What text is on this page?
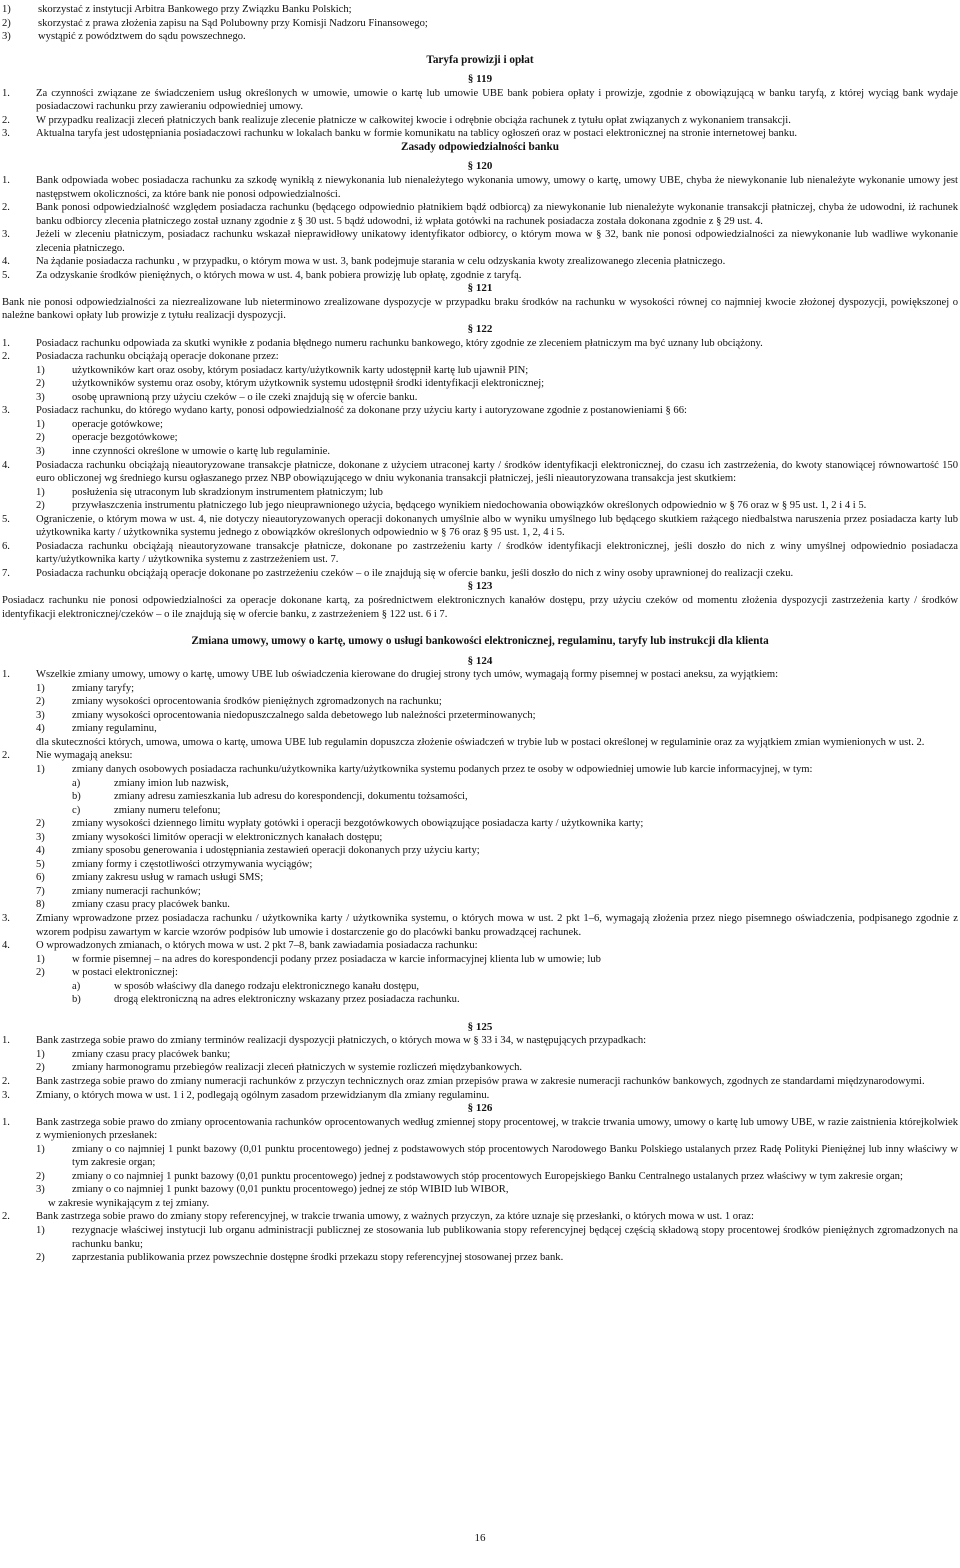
1)	skorzystać z instytucji Arbitra Bankowego przy Związku Banku Polskich;
2)	skorzystać z prawa złożenia zapisu na Sąd Polubowny przy Komisji Nadzoru Finansowego;
3)	wystąpić z powództwem do sądu powszechnego.
Taryfa prowizji i opłat
§ 119
1.	Za czynności związane ze świadczeniem usług określonych w umowie, umowie o kartę lub umowie UBE bank pobiera opłaty i prowizje, zgodnie z obowiązującą w banku taryfą, z której wyciąg bank wydaje posiadaczowi rachunku przy zawieraniu odpowiedniej umowy.
2.	W przypadku realizacji zleceń płatniczych bank realizuje zlecenie płatnicze w całkowitej kwocie i odrębnie obciąża rachunek z tytułu opłat związanych z wykonaniem transakcji.
3.	Aktualna taryfa jest udostępniania posiadaczowi rachunku w lokalach banku w formie komunikatu na tablicy ogłoszeń oraz w postaci elektronicznej na stronie internetowej banku.
Zasady odpowiedzialności banku
§ 120
1.	Bank odpowiada wobec posiadacza rachunku za szkodę wynikłą z niewykonania lub nienależytego wykonania umowy, umowy o kartę, umowy UBE, chyba że niewykonanie lub nienależyte wykonanie umowy jest następstwem okoliczności, za które bank nie ponosi odpowiedzialności.
2.	Bank ponosi odpowiedzialność względem posiadacza rachunku (będącego odpowiednio płatnikiem bądź odbiorcą) za niewykonanie lub nienależyte wykonanie transakcji płatniczej, chyba że udowodni, iż rachunek banku odbiorcy zlecenia płatniczego został uznany zgodnie z § 30 ust. 5 bądź udowodni, iż wpłata gotówki na rachunek posiadacza została dokonana zgodnie z § 29 ust. 4.
3.	Jeżeli w zleceniu płatniczym, posiadacz rachunku wskazał nieprawidłowy unikatowy identyfikator odbiorcy, o którym mowa w § 32, bank nie ponosi odpowiedzialności za niewykonanie lub wadliwe wykonanie zlecenia płatniczego.
4.	Na żądanie posiadacza rachunku , w przypadku, o którym mowa w ust. 3, bank podejmuje starania w celu odzyskania kwoty zrealizowanego zlecenia płatniczego.
5.	Za odzyskanie środków pieniężnych, o których mowa w ust. 4, bank pobiera prowizję lub opłatę, zgodnie z taryfą.
§ 121
Bank nie ponosi odpowiedzialności za niezrealizowane lub nieterminowo zrealizowane dyspozycje w przypadku braku środków na rachunku w wysokości równej co najmniej kwocie złożonej dyspozycji, powiększonej o należne bankowi opłaty lub prowizje z tytułu realizacji dyspozycji.
§ 122
1.	Posiadacz rachunku odpowiada za skutki wynikłe z podania błędnego numeru rachunku bankowego, który zgodnie ze zleceniem płatniczym ma być uznany lub obciążony.
2.	Posiadacza rachunku obciążają operacje dokonane przez:
1)	użytkowników kart oraz osoby, którym posiadacz karty/użytkownik karty udostępnił kartę lub ujawnił PIN;
2)	użytkowników systemu oraz osoby, którym użytkownik systemu udostępnił środki identyfikacji elektronicznej;
3)	osobę uprawnioną przy użyciu czeków – o ile czeki znajdują się w ofercie banku.
3.	Posiadacz rachunku, do którego wydano karty, ponosi odpowiedzialność za dokonane przy użyciu karty i autoryzowane zgodnie z postanowieniami § 66:
1)	operacje gotówkowe;
2)	operacje bezgotówkowe;
3)	inne czynności określone w umowie o kartę lub regulaminie.
4.	Posiadacza rachunku obciążają nieautoryzowane transakcje płatnicze, dokonane z użyciem utraconej karty / środków identyfikacji elektronicznej, do czasu ich zastrzeżenia, do kwoty stanowiącej równowartość 150 euro obliczonej wg średniego kursu ogłaszanego przez NBP obowiązującego w dniu wykonania transakcji płatniczej, jeśli nieautoryzowana transakcja jest skutkiem:
1)	posłużenia się utraconym lub skradzionym instrumentem płatniczym; lub
2)	przywłaszczenia instrumentu płatniczego lub jego nieuprawnionego użycia, będącego wynikiem niedochowania obowiązków określonych odpowiednio w § 76 oraz w § 95 ust. 1, 2 i 4 i 5.
5.	Ograniczenie, o którym mowa w ust. 4, nie dotyczy nieautoryzowanych operacji dokonanych umyślnie albo w wyniku umyślnego lub będącego skutkiem rażącego niedbalstwa naruszenia przez posiadacza karty lub użytkownika karty / użytkownika systemu jednego z obowiązków określonych odpowiednio w § 76 oraz § 95 ust. 1, 2, 4 i 5.
6.	Posiadacza rachunku obciążają nieautoryzowane transakcje płatnicze, dokonane po zastrzeżeniu karty / środków identyfikacji elektronicznej, jeśli doszło do nich z winy umyślnej odpowiednio posiadacza karty/użytkownika karty / użytkownika systemu z zastrzeżeniem ust. 7.
7.	Posiadacza rachunku obciążają operacje dokonane po zastrzeżeniu czeków – o ile znajdują się w ofercie banku, jeśli doszło do nich z winy osoby uprawnionej do realizacji czeku.
§ 123
Posiadacz rachunku nie ponosi odpowiedzialności za operacje dokonane kartą, za pośrednictwem elektronicznych kanałów dostępu, przy użyciu czeków od momentu złożenia dyspozycji zastrzeżenia karty / środków identyfikacji elektronicznej/czeków – o ile znajdują się w ofercie banku, z zastrzeżeniem § 122 ust. 6 i 7.
Zmiana umowy, umowy o kartę, umowy o usługi bankowości elektronicznej, regulaminu, taryfy lub instrukcji dla klienta
§ 124
1.	Wszelkie zmiany umowy, umowy o kartę, umowy UBE lub oświadczenia kierowane do drugiej strony tych umów, wymagają formy pisemnej w postaci aneksu, za wyjątkiem:
1)	zmiany taryfy;
2)	zmiany wysokości oprocentowania środków pieniężnych zgromadzonych na rachunku;
3)	zmiany wysokości oprocentowania niedopuszczalnego salda debetowego lub należności przeterminowanych;
4)	zmiany regulaminu,
dla skuteczności których, umowa, umowa o kartę, umowa UBE lub regulamin dopuszcza złożenie oświadczeń w trybie lub w postaci określonej w regulaminie oraz za wyjątkiem zmian wymienionych w ust. 2.
2.	Nie wymagają aneksu:
1)	zmiany danych osobowych posiadacza rachunku/użytkownika karty/użytkownika systemu podanych przez te osoby w odpowiedniej umowie lub karcie informacyjnej, w tym:
a)	zmiany imion lub nazwisk,
b)	zmiany adresu zamieszkania lub adresu do korespondencji, dokumentu tożsamości,
c)	zmiany numeru telefonu;
2)	zmiany wysokości dziennego limitu wypłaty gotówki i operacji bezgotówkowych obowiązujące posiadacza karty / użytkownika karty;
3)	zmiany wysokości limitów operacji w elektronicznych kanałach dostępu;
4)	zmiany sposobu generowania i udostępniania zestawień operacji dokonanych przy użyciu karty;
5)	zmiany formy i częstotliwości otrzymywania wyciągów;
6)	zmiany zakresu usług w ramach usługi SMS;
7)	zmiany numeracji rachunków;
8)	zmiany czasu pracy placówek banku.
3.	Zmiany wprowadzone przez posiadacza rachunku / użytkownika karty / użytkownika systemu, o których mowa w ust. 2 pkt 1–6, wymagają złożenia przez niego pisemnego oświadczenia, podpisanego zgodnie z wzorem podpisu zawartym w karcie wzorów podpisów lub umowie i dostarczenie go do placówki banku prowadzącej rachunek.
4.	O wprowadzonych zmianach, o których mowa w ust. 2 pkt 7–8, bank zawiadamia posiadacza rachunku:
1)	w formie pisemnej – na adres do korespondencji podany przez posiadacza w karcie informacyjnej klienta lub w umowie; lub
2)	w postaci elektronicznej:
a)	w sposób właściwy dla danego rodzaju elektronicznego kanału dostępu,
b)	drogą elektroniczną na adres elektroniczny wskazany przez posiadacza rachunku.
§ 125
1.	Bank zastrzega sobie prawo do zmiany terminów realizacji dyspozycji płatniczych, o których mowa w § 33 i 34, w następujących przypadkach:
1)	zmiany czasu pracy placówek banku;
2)	zmiany harmonogramu przebiegów realizacji zleceń płatniczych w systemie rozliczeń międzybankowych.
2.	Bank zastrzega sobie prawo do zmiany numeracji rachunków z przyczyn technicznych oraz zmian przepisów prawa w zakresie numeracji rachunków bankowych, zgodnych ze standardami międzynarodowymi.
3.	Zmiany, o których mowa w ust. 1 i 2, podlegają ogólnym zasadom przewidzianym dla zmiany regulaminu.
§ 126
1.	Bank zastrzega sobie prawo do zmiany oprocentowania rachunków oprocentowanych według zmiennej stopy procentowej, w trakcie trwania umowy, umowy o kartę lub umowy UBE, w razie zaistnienia którejkolwiek z wymienionych przesłanek:
1)	zmiany o co najmniej 1 punkt bazowy (0,01 punktu procentowego) jednej z podstawowych stóp procentowych Narodowego Banku Polskiego ustalanych przez Radę Polityki Pieniężnej lub inny właściwy w tym zakresie organ;
2)	zmiany o co najmniej 1 punkt bazowy (0,01 punktu procentowego) jednej z podstawowych stóp procentowych Europejskiego Banku Centralnego ustalanych przez właściwy w tym zakresie organ;
3)	zmiany o co najmniej 1 punkt bazowy (0,01 punktu procentowego) jednej ze stóp WIBID lub WIBOR,
w zakresie wynikającym z tej zmiany.
2.	Bank zastrzega sobie prawo do zmiany stopy referencyjnej, w trakcie trwania umowy, z ważnych przyczyn, za które uznaje się przesłanki, o których mowa w ust. 1 oraz:
1)	rezygnacje właściwej instytucji lub organu administracji publicznej ze stosowania lub publikowania stopy referencyjnej będącej częścią składową stopy procentowej środków pieniężnych zgromadzonych na rachunku banku;
2)	zaprzestania publikowania przez powszechnie dostępne środki przekazu stopy referencyjnej stosowanej przez bank.
16
